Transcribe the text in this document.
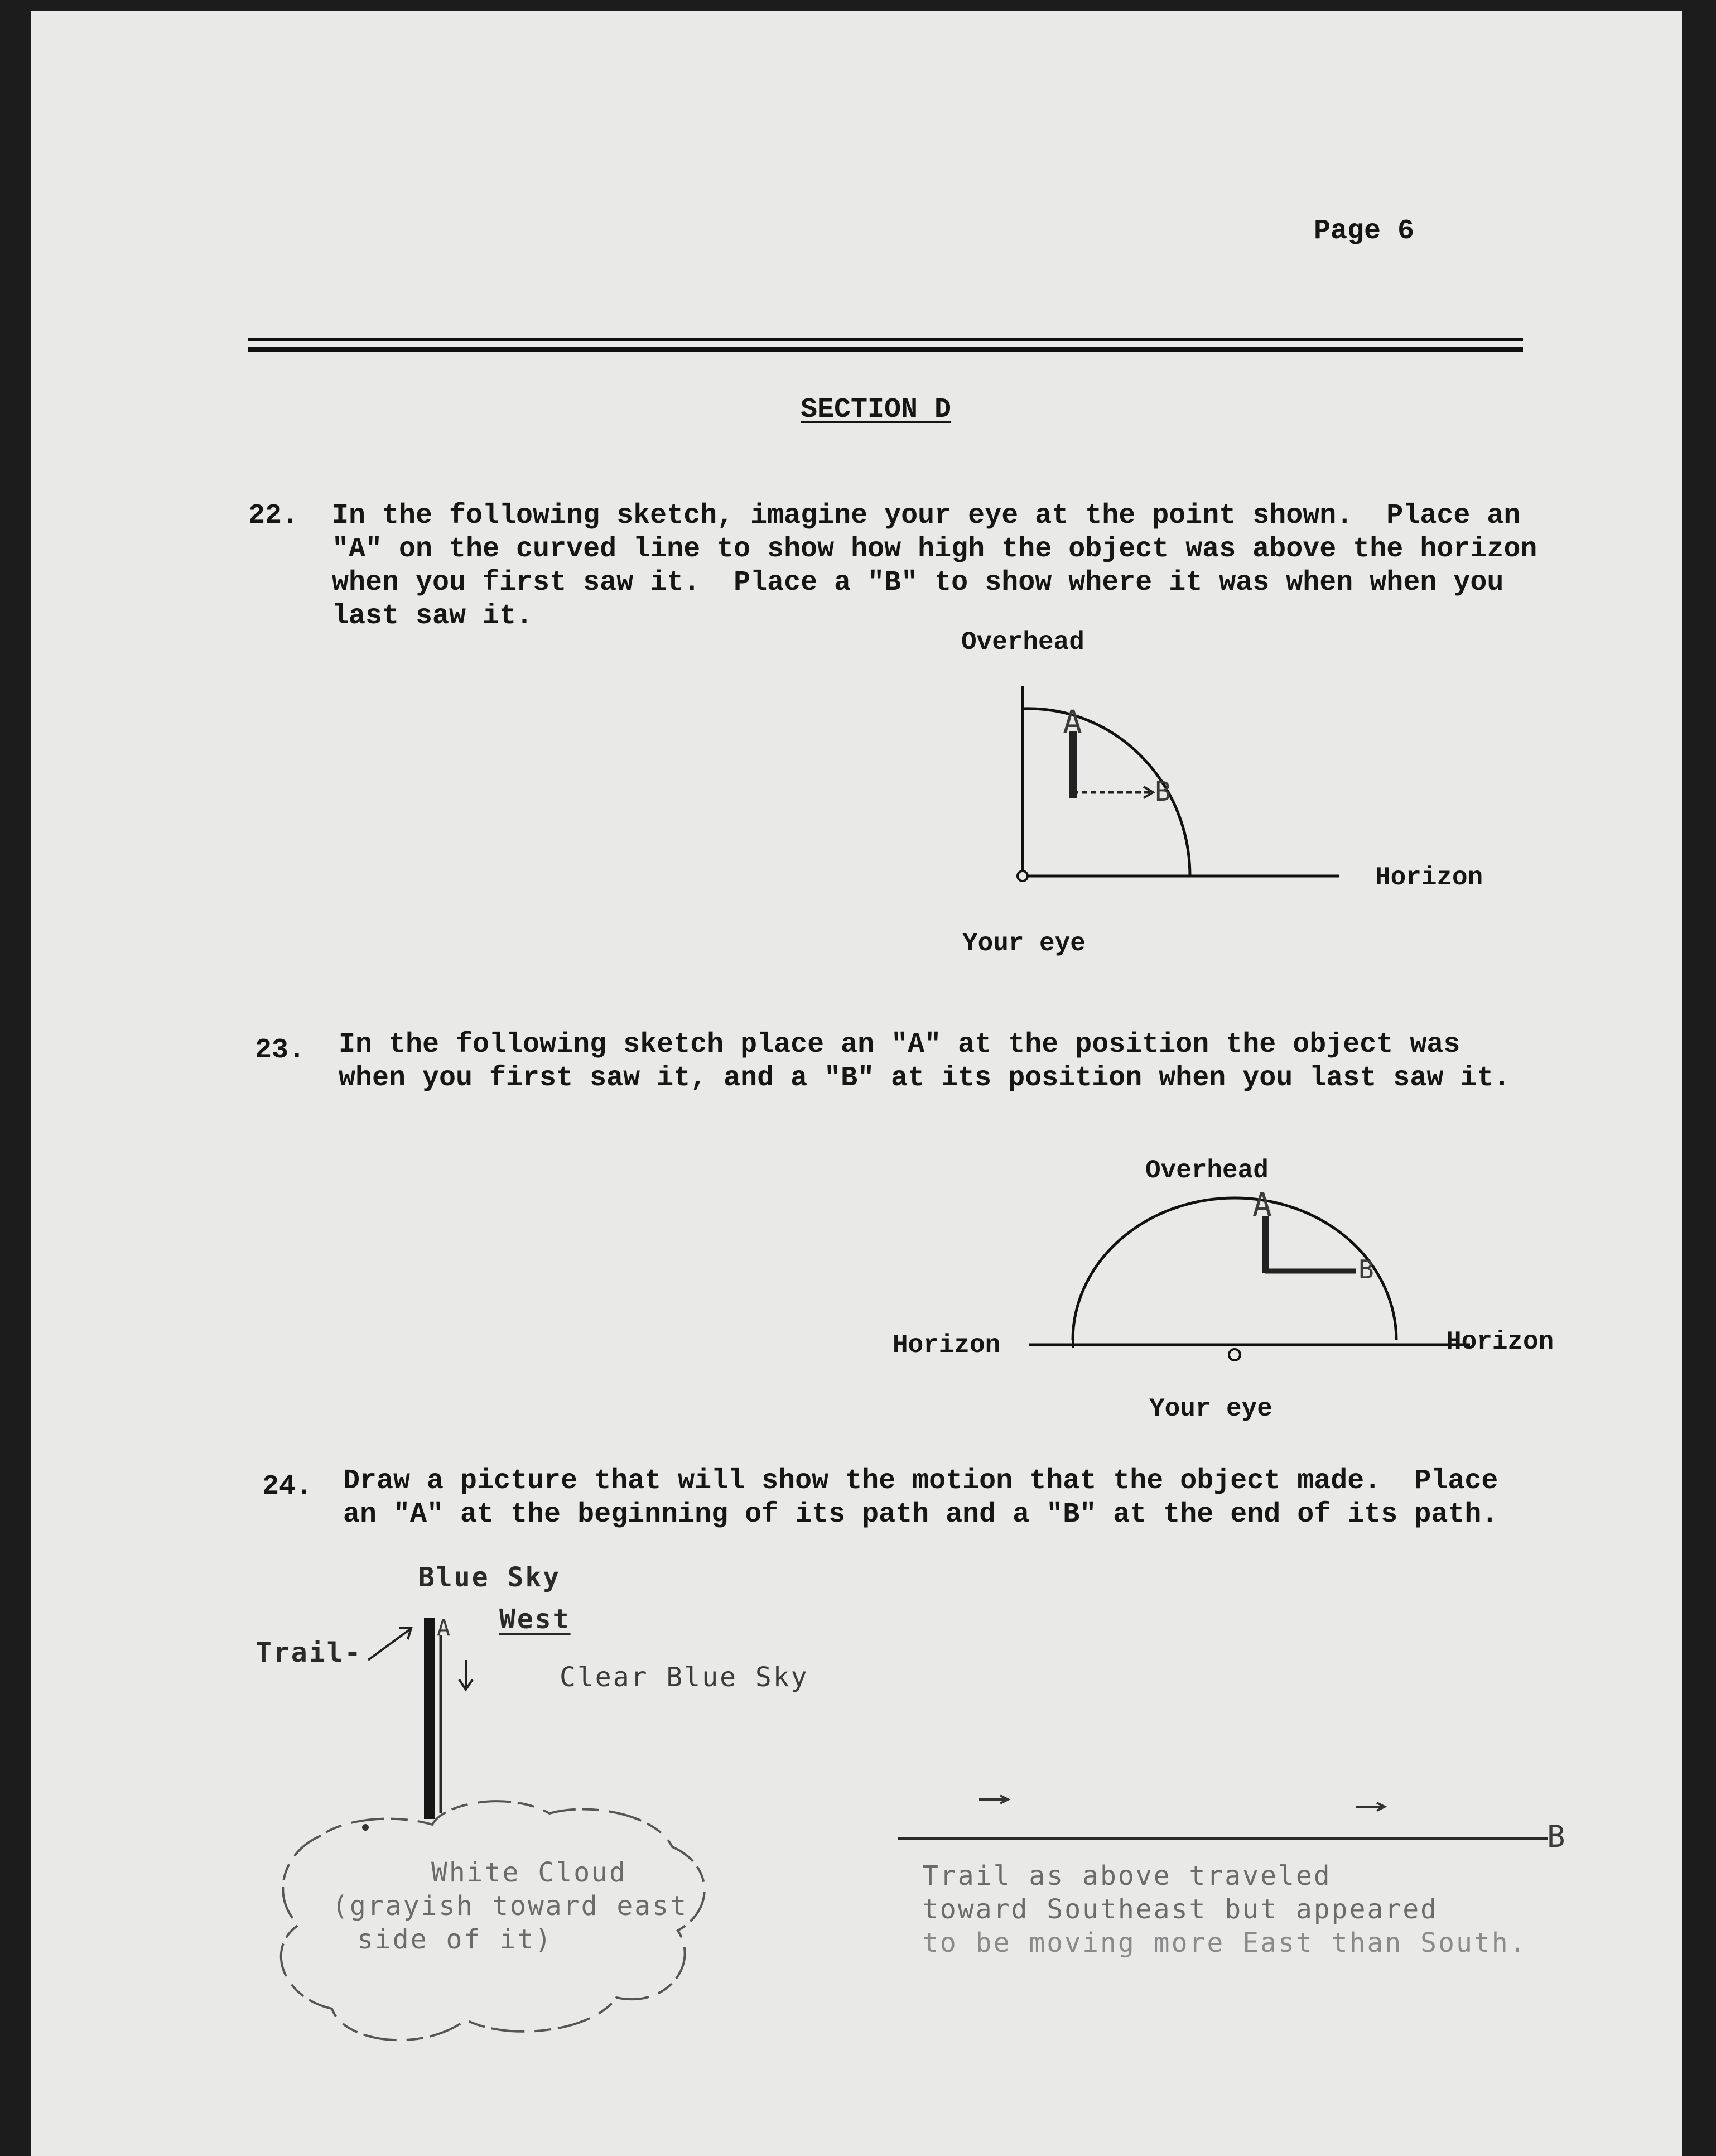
Page 6
SECTION D
22. In the following sketch, imagine your eye at the point shown.  Place an
"A" on the curved line to show how high the object was above the horizon
when you first saw it.  Place a "B" to show where it was when when you
last saw it.
Overhead
Horizon
Your eye
A
B
23. In the following sketch place an "A" at the position the object was
when you first saw it, and a "B" at its position when you last saw it.
Overhead
Horizon	Horizon
Your eye
A
B
24. Draw a picture that will show the motion that the object made.  Place
an "A" at the beginning of its path and a "B" at the end of its path.
Blue Sky
West
Trail-
Clear Blue Sky
A
B
White Cloud
(grayish toward east
side of it)
Trail as above traveled
toward Southeast but appeared
to be moving more East than South.
